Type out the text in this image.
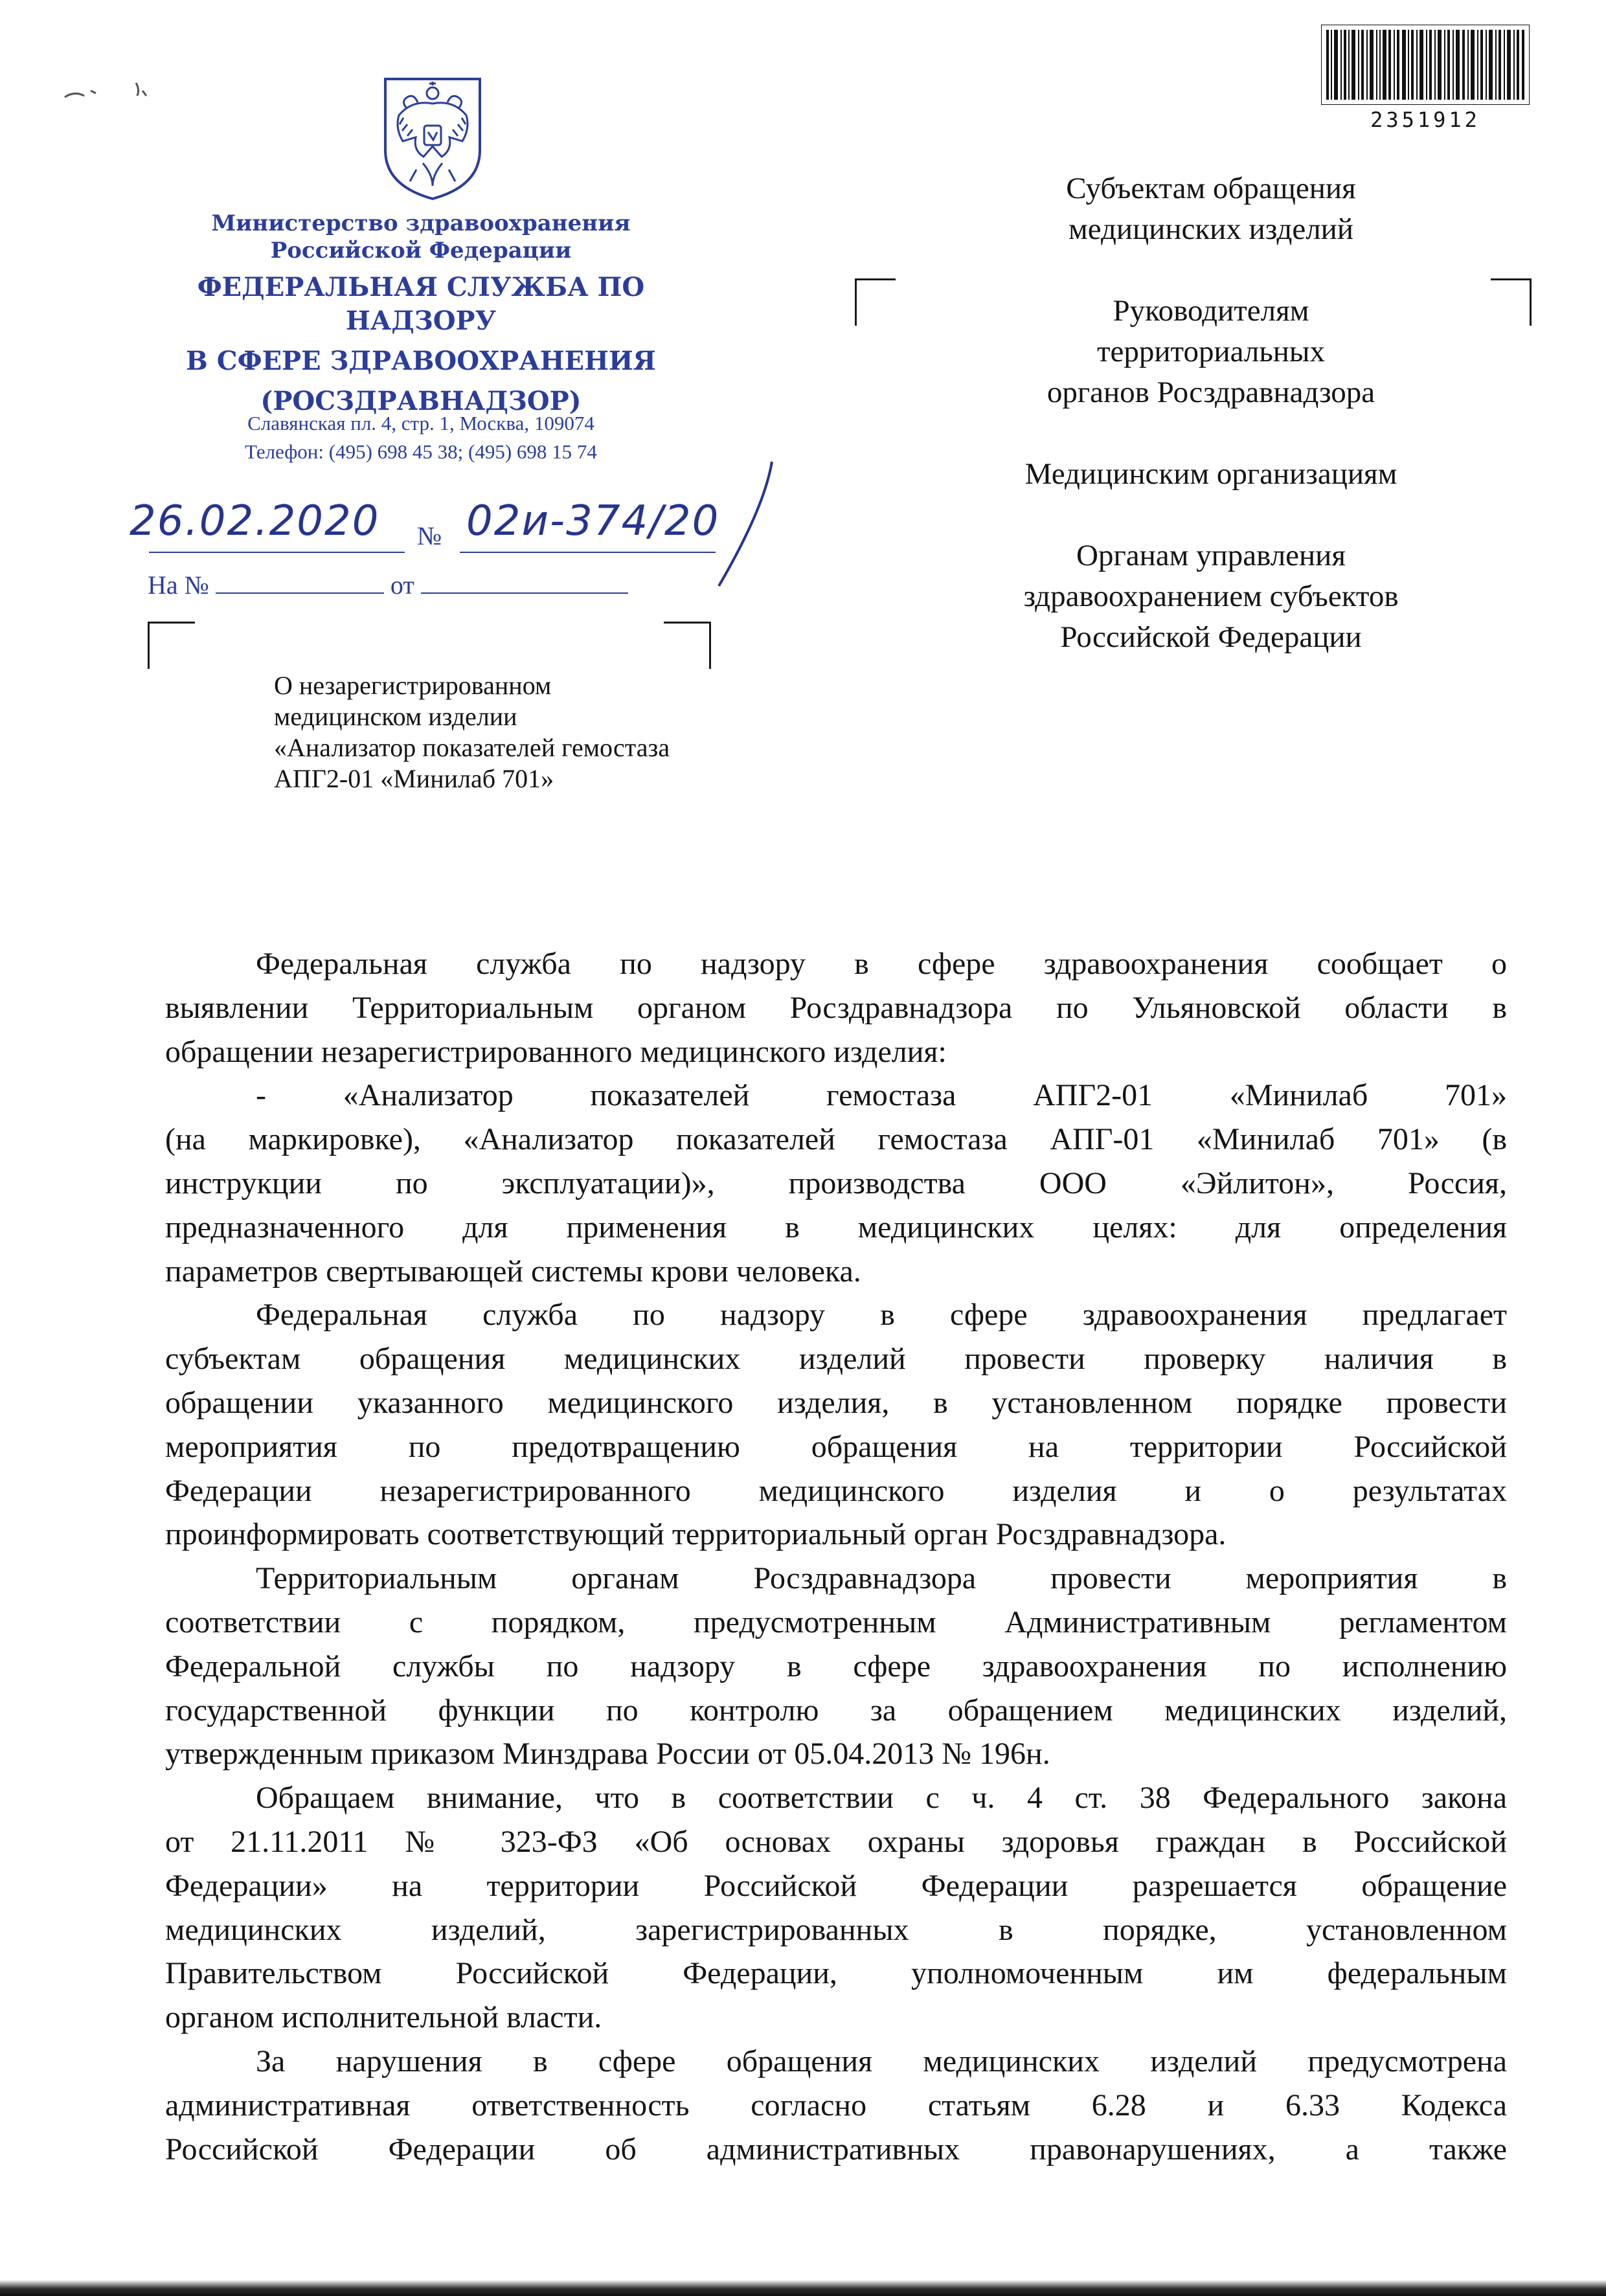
Министерство здравоохранения
Российской Федерации
ФЕДЕРАЛЬНАЯ СЛУЖБА ПО НАДЗОРУ
В СФЕРЕ ЗДРАВООХРАНЕНИЯ
(РОСЗДРАВНАДЗОР)
Славянская пл. 4, стр. 1, Москва, 109074
Телефон: (495) 698 45 38; (495) 698 15 74
26.02.2020	№ 02и-374/20
На №	от
О незарегистрированном
медицинском изделии
«Анализатор показателей гемостаза
АПГ2-01 «Минилаб 701»
2351912
Субъектам обращения
медицинских изделий
Руководителям
территориальных
органов Росздравнадзора
Медицинским организациям
Органам управления
здравоохранением субъектов
Российской Федерации

Федеральная служба по надзору в сфере здравоохранения сообщает о

выявлении Территориальным органом Росздравнадзора по Ульяновской области в

обращении незарегистрированного медицинского изделия:

- «Анализатор показателей гемостаза АПГ2-01 «Минилаб 701»

(на маркировке), «Анализатор показателей гемостаза АПГ-01 «Минилаб 701» (в

инструкции по эксплуатации)», производства ООО «Эйлитон», Россия,

предназначенного для применения в медицинских целях: для определения

параметров свертывающей системы крови человека.

Федеральная служба по надзору в сфере здравоохранения предлагает

субъектам обращения медицинских изделий провести проверку наличия в

обращении указанного медицинского изделия, в установленном порядке провести

мероприятия по предотвращению обращения на территории Российской

Федерации незарегистрированного медицинского изделия и о результатах

проинформировать соответствующий территориальный орган Росздравнадзора.

Территориальным органам Росздравнадзора провести мероприятия в

соответствии с порядком, предусмотренным Административным регламентом

Федеральной службы по надзору в сфере здравоохранения по исполнению

государственной функции по контролю за обращением медицинских изделий,

утвержденным приказом Минздрава России от 05.04.2013 № 196н.

Обращаем внимание, что в соответствии с ч. 4 ст. 38 Федерального закона

от 21.11.2011 № 323-ФЗ «Об основах охраны здоровья граждан в Российской

Федерации» на территории Российской Федерации разрешается обращение

медицинских изделий, зарегистрированных в порядке, установленном

Правительством Российской Федерации, уполномоченным им федеральным

органом исполнительной власти.

За нарушения в сфере обращения медицинских изделий предусмотрена

административная ответственность согласно статьям 6.28 и 6.33 Кодекса

Российской Федерации об административных правонарушениях, а также
